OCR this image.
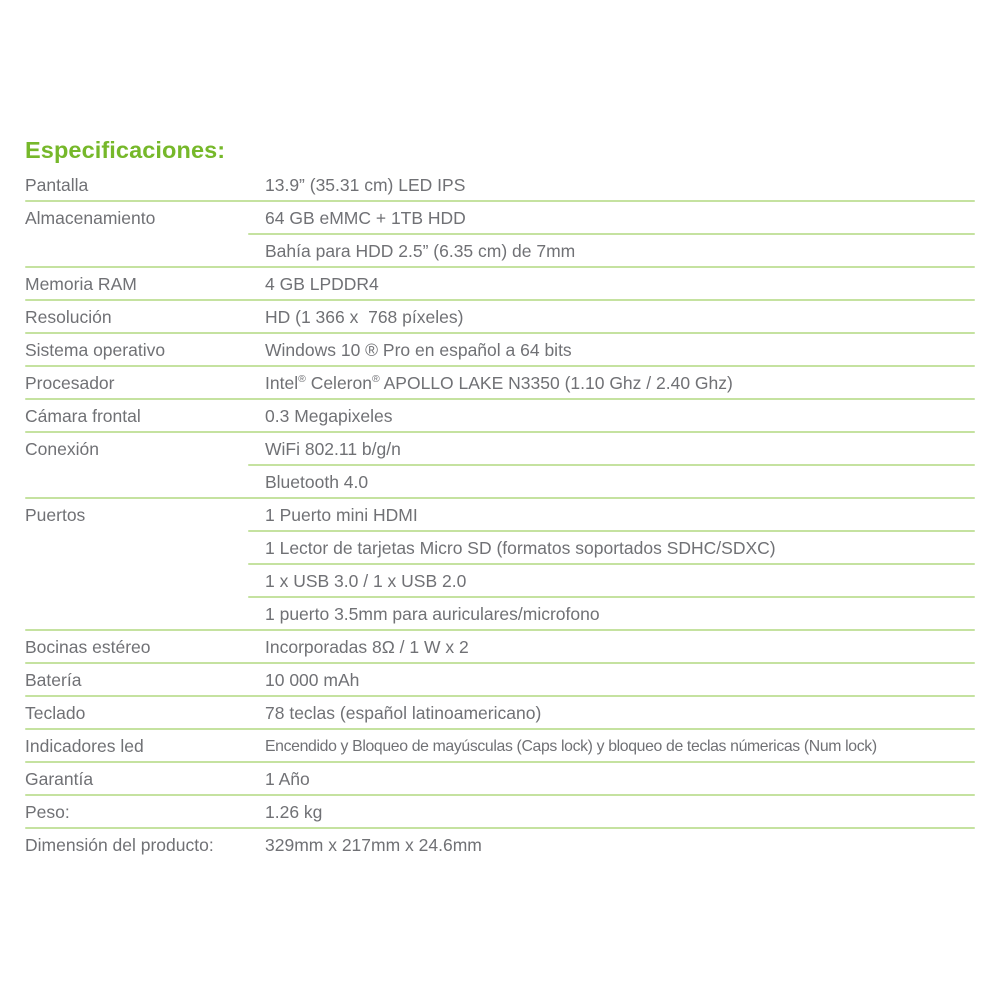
Especificaciones:
Pantalla	13.9” (35.31 cm) LED IPS
Almacenamiento	64 GB eMMC + 1TB HDD
Bahía para HDD 2.5” (6.35 cm) de 7mm
Memoria RAM	4 GB LPDDR4
Resolución	HD (1 366 x  768 píxeles)
Sistema operativo	Windows 10 ® Pro en español a 64 bits
Procesador	Intel® Celeron® APOLLO LAKE N3350 (1.10 Ghz / 2.40 Ghz)
Cámara frontal	0.3 Megapixeles
Conexión	WiFi 802.11 b/g/n
Bluetooth 4.0
Puertos	1 Puerto mini HDMI
1 Lector de tarjetas Micro SD (formatos soportados SDHC/SDXC)
1 x USB 3.0 / 1 x USB 2.0
1 puerto 3.5mm para auriculares/microfono
Bocinas estéreo	Incorporadas 8Ω / 1 W x 2
Batería	10 000 mAh
Teclado	78 teclas (español latinoamericano)
Indicadores led	Encendido y Bloqueo de mayúsculas (Caps lock) y bloqueo de teclas númericas (Num lock)
Garantía	1 Año
Peso:	1.26 kg
Dimensión del producto:	329mm x 217mm x 24.6mm
